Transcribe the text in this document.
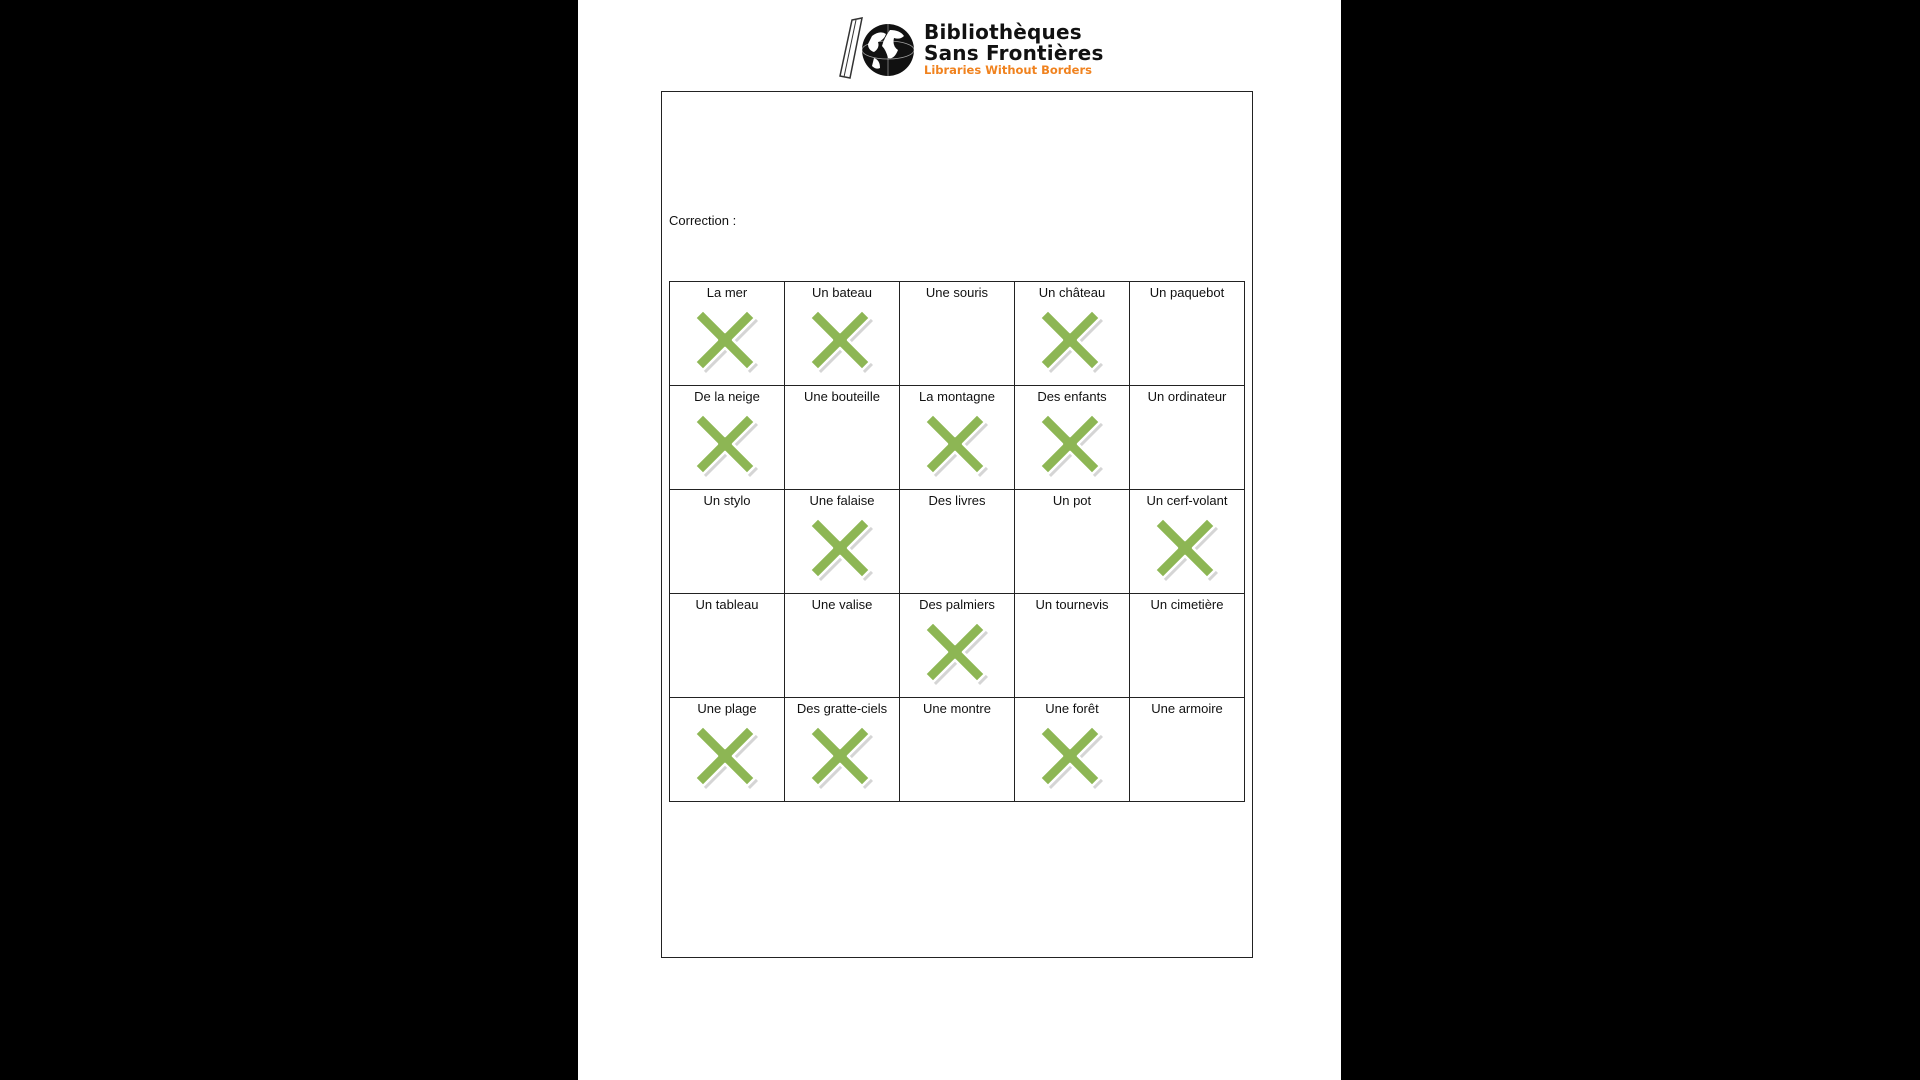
Bibliothèques
Sans Frontières
Libraries Without Borders
Correction :
La mer	Un bateau	Une souris	Un château	Un paquebot

De la neige	Une bouteille	La montagne	Des enfants	Un ordinateur

Un stylo	Une falaise	Des livres	Un pot	Un cerf-volant

Un tableau	Une valise	Des palmiers	Un tournevis	Un cimetière

Une plage	Des gratte-ciels	Une montre	Une forêt	Une armoire
